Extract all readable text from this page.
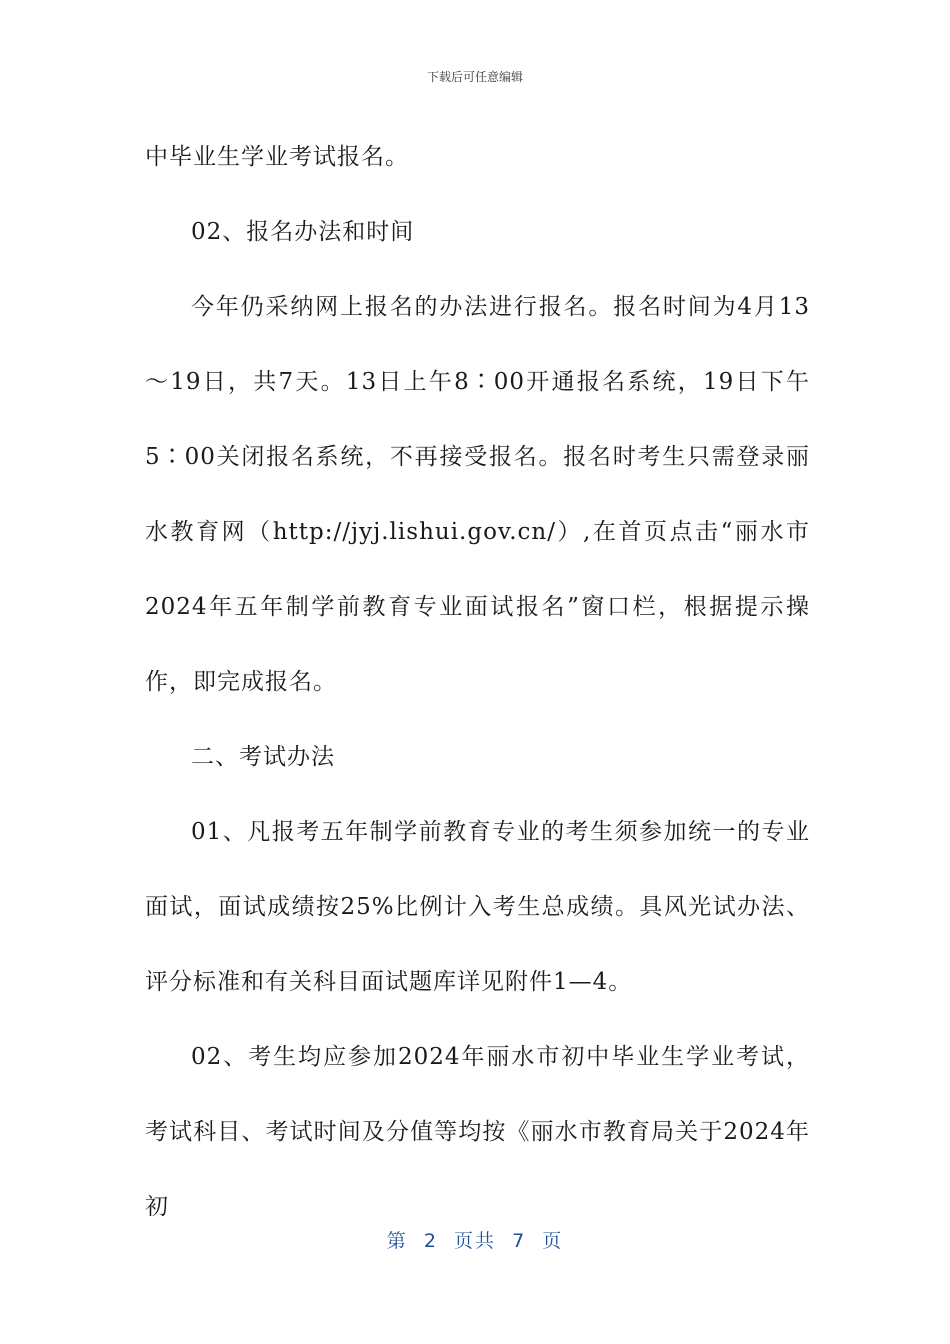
下载后可任意编辑

中毕业生学业考试报名。

02、报名办法和时间

今年仍采纳网上报名的办法进行报名。报名时间为4月13～19日，共7天。13日上午8∶00开通报名系统，19日下午5∶00关闭报名系统，不再接受报名。报名时考生只需登录丽水教育网（http://jyj.lishui.gov.cn/）,在首页点击“丽水市2024年五年制学前教育专业面试报名”窗口栏，根据提示操作，即完成报名。

二、考试办法

01、凡报考五年制学前教育专业的考生须参加统一的专业面试，面试成绩按25%比例计入考生总成绩。具风光试办法、评分标准和有关科目面试题库详见附件1—4。

02、考生均应参加2024年丽水市初中毕业生学业考试，考试科目、考试时间及分值等均按《丽水市教育局关于2024年初

第  2  页共  7  页
